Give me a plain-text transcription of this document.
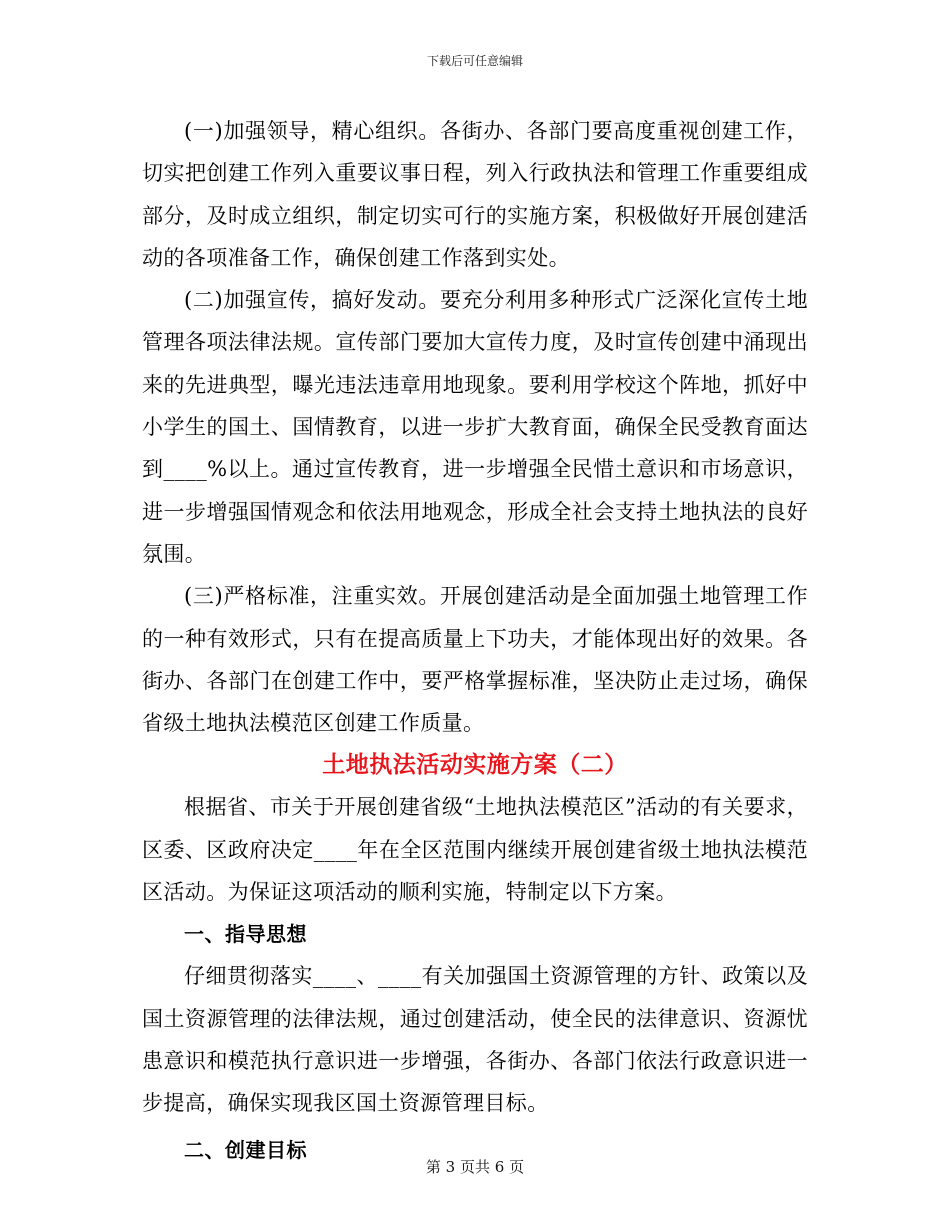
下载后可任意编辑

(一)加强领导，精心组织。各街办、各部门要高度重视创建工作，切实把创建工作列入重要议事日程，列入行政执法和管理工作重要组成部分，及时成立组织，制定切实可行的实施方案，积极做好开展创建活动的各项准备工作，确保创建工作落到实处。

(二)加强宣传，搞好发动。要充分利用多种形式广泛深化宣传土地管理各项法律法规。宣传部门要加大宣传力度，及时宣传创建中涌现出来的先进典型，曝光违法违章用地现象。要利用学校这个阵地，抓好中小学生的国土、国情教育，以进一步扩大教育面，确保全民受教育面达到____%以上。通过宣传教育，进一步增强全民惜土意识和市场意识，进一步增强国情观念和依法用地观念，形成全社会支持土地执法的良好氛围。

(三)严格标准，注重实效。开展创建活动是全面加强土地管理工作的一种有效形式，只有在提高质量上下功夫，才能体现出好的效果。各街办、各部门在创建工作中，要严格掌握标准，坚决防止走过场，确保省级土地执法模范区创建工作质量。

土地执法活动实施方案（二）

根据省、市关于开展创建省级“土地执法模范区”活动的有关要求，区委、区政府决定____年在全区范围内继续开展创建省级土地执法模范区活动。为保证这项活动的顺利实施，特制定以下方案。

一、指导思想

仔细贯彻落实____、____有关加强国土资源管理的方针、政策以及国土资源管理的法律法规，通过创建活动，使全民的法律意识、资源忧患意识和模范执行意识进一步增强，各街办、各部门依法行政意识进一步提高，确保实现我区国土资源管理目标。

二、创建目标
第 3 页共 6 页
